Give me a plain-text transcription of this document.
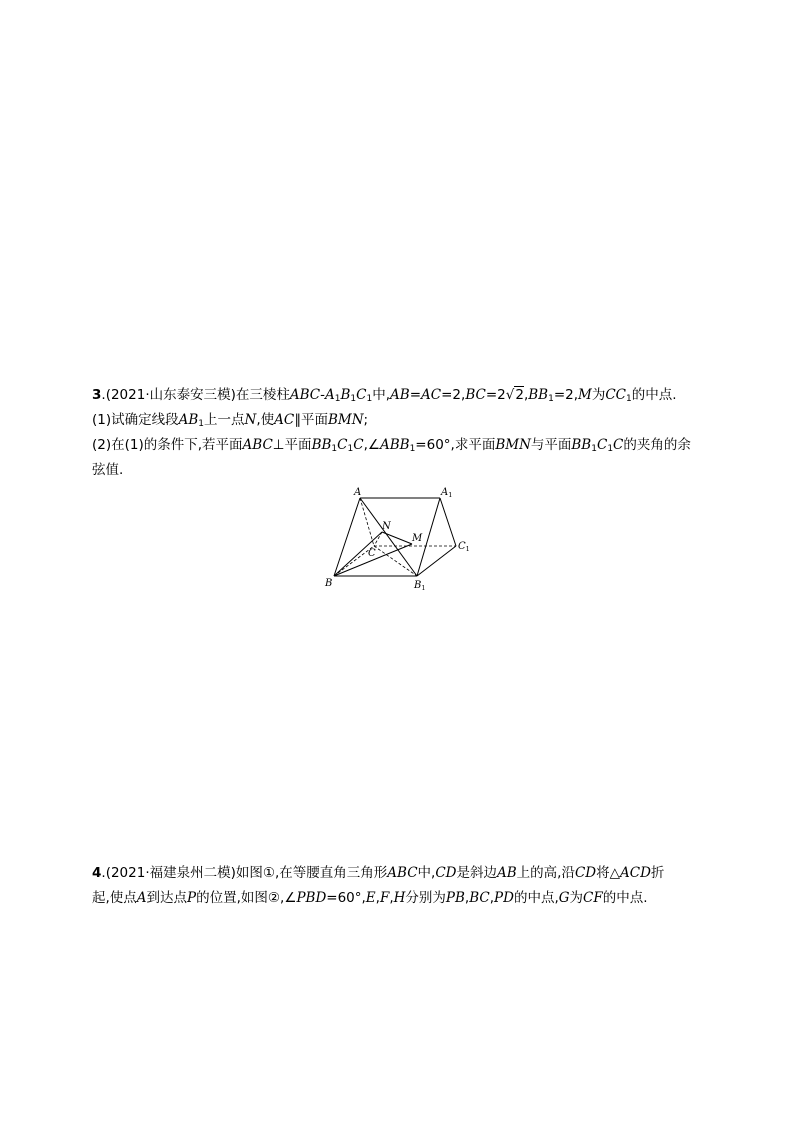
3.(2021·山东泰安三模)在三棱柱ABC-$A_1B_1C_1$中$,AB=AC=2,BC=2√2,BB_1=2,M$为$CC_1$的中点.
(1)试确定线段$AB_1$上一点N,使AC∥平面BMN;
(2)在(1)的条件下,若平面ABC⊥平面$BB_1C_1C,\angle ABB_1=60^\circ$,求平面BMN与平面$BB_1C_1C$的夹角的余
弦值.
A	$A_1$
N
M
C
$C_1$
B	$B_1$
4.(2021·福建泉州二模)如图①,在等腰直角三角形ABC中,CD是斜边AB上的高,沿CD将△ACD折
起,使点A到达点P的位置,如图②,∠PBD=60°,E,F,H分别为PB,BC,PD的中点,G为CF的中点.
